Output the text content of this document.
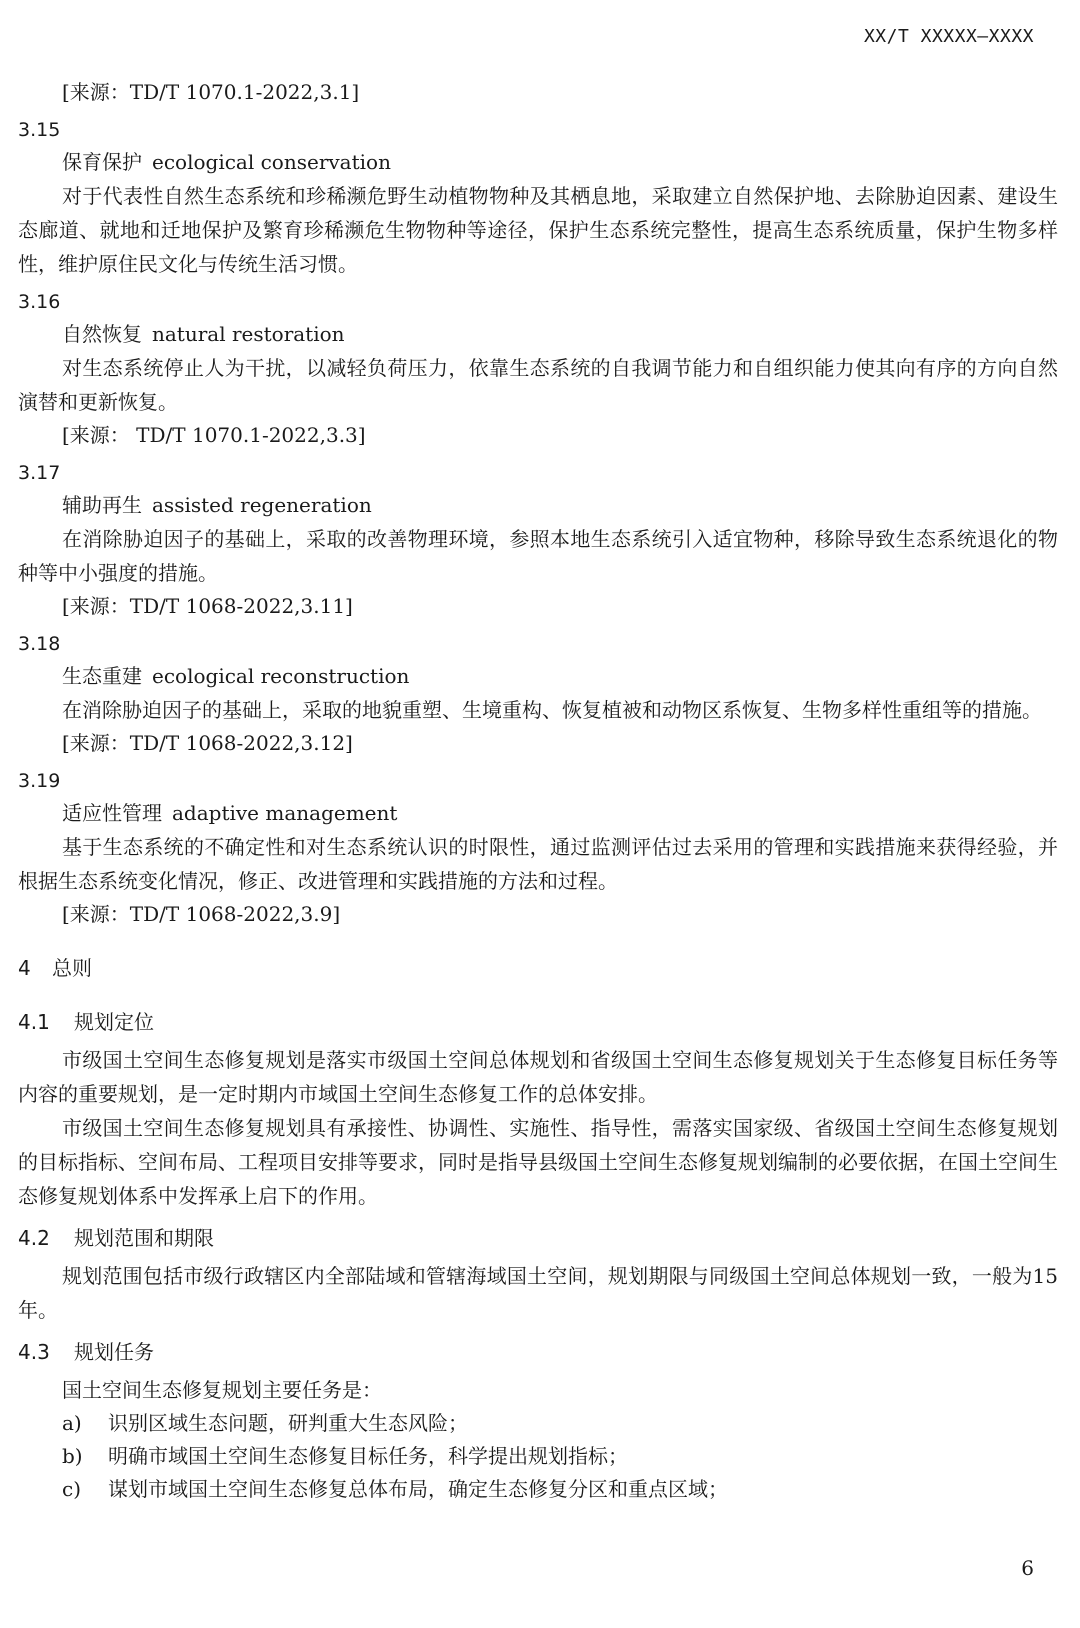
XX/T XXXXX—XXXX
[来源：TD/T 1070.1-2022,3.1]
3.15
保育保护 ecological conservation
对于代表性自然生态系统和珍稀濒危野生动植物物种及其栖息地，采取建立自然保护地、去除胁迫因素、建设生态廊道、就地和迁地保护及繁育珍稀濒危生物物种等途径，保护生态系统完整性，提高生态系统质量，保护生物多样性，维护原住民文化与传统生活习惯。
3.16
自然恢复 natural restoration
对生态系统停止人为干扰，以减轻负荷压力，依靠生态系统的自我调节能力和自组织能力使其向有序的方向自然演替和更新恢复。
[来源： TD/T 1070.1-2022,3.3]
3.17
辅助再生 assisted regeneration
在消除胁迫因子的基础上，采取的改善物理环境，参照本地生态系统引入适宜物种，移除导致生态系统退化的物种等中小强度的措施。
[来源：TD/T 1068-2022,3.11]
3.18
生态重建 ecological reconstruction
在消除胁迫因子的基础上，采取的地貌重塑、生境重构、恢复植被和动物区系恢复、生物多样性重组等的措施。
[来源：TD/T 1068-2022,3.12]
3.19
适应性管理 adaptive management
基于生态系统的不确定性和对生态系统认识的时限性，通过监测评估过去采用的管理和实践措施来获得经验，并根据生态系统变化情况，修正、改进管理和实践措施的方法和过程。
[来源：TD/T 1068-2022,3.9]
4 总则
4.1 规划定位
市级国土空间生态修复规划是落实市级国土空间总体规划和省级国土空间生态修复规划关于生态修复目标任务等内容的重要规划，是一定时期内市域国土空间生态修复工作的总体安排。
市级国土空间生态修复规划具有承接性、协调性、实施性、指导性，需落实国家级、省级国土空间生态修复规划的目标指标、空间布局、工程项目安排等要求，同时是指导县级国土空间生态修复规划编制的必要依据，在国土空间生态修复规划体系中发挥承上启下的作用。
4.2 规划范围和期限
规划范围包括市级行政辖区内全部陆域和管辖海域国土空间，规划期限与同级国土空间总体规划一致，一般为15年。
4.3 规划任务
国土空间生态修复规划主要任务是：
a) 识别区域生态问题，研判重大生态风险；
b) 明确市域国土空间生态修复目标任务，科学提出规划指标；
c) 谋划市域国土空间生态修复总体布局，确定生态修复分区和重点区域；
6
